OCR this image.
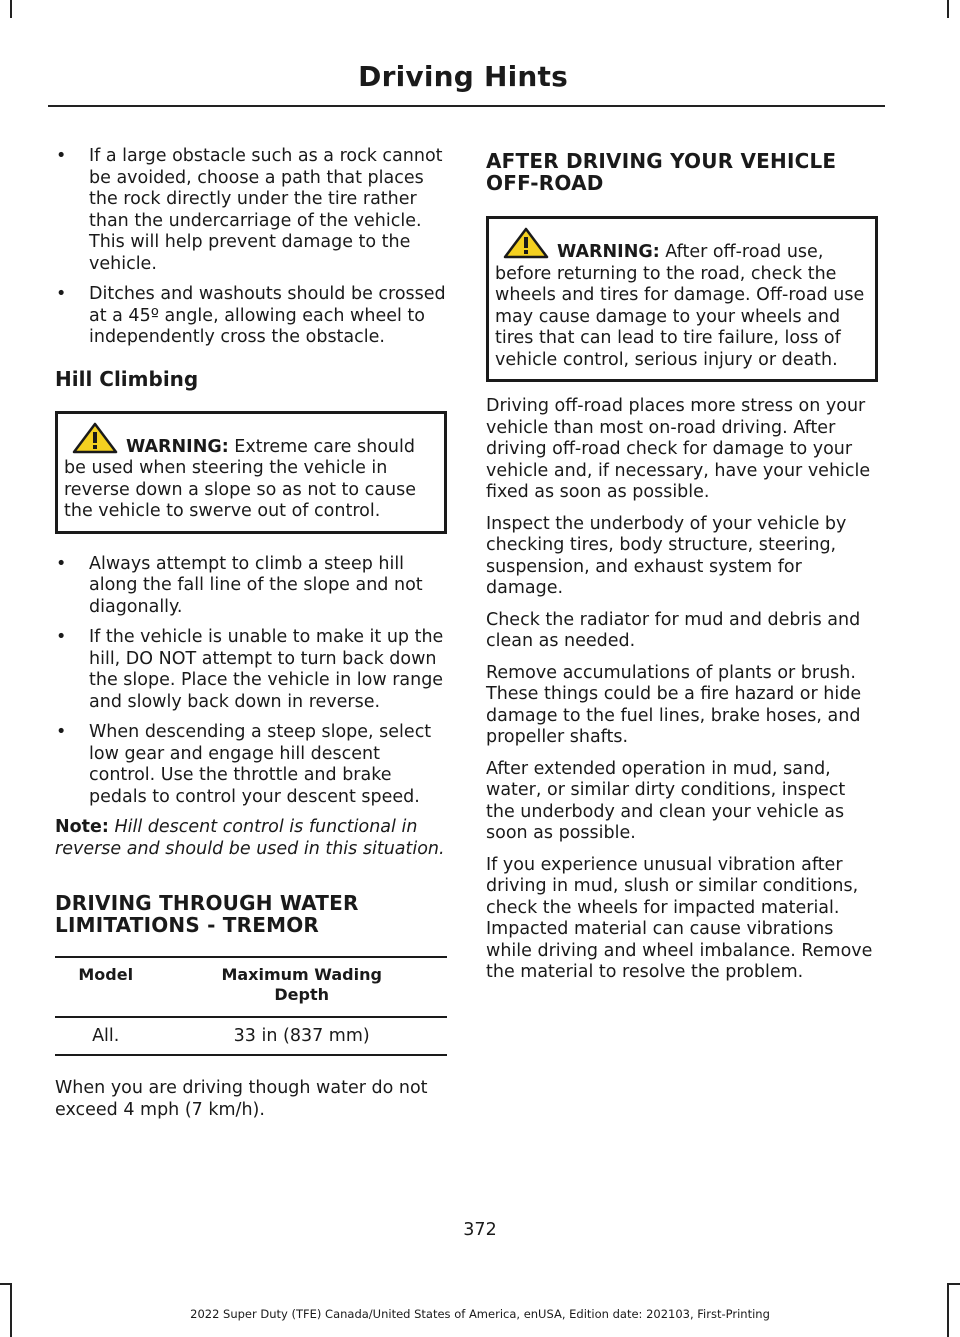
Driving Hints
• If a large obstacle such as a rock cannot be avoided, choose a path that places the rock directly under the tire rather than the undercarriage of the vehicle. This will help prevent damage to the vehicle.
• Ditches and washouts should be crossed at a 45º angle, allowing each wheel to independently cross the obstacle.
Hill Climbing
WARNING: Extreme care should be used when steering the vehicle in reverse down a slope so as not to cause the vehicle to swerve out of control.
• Always attempt to climb a steep hill along the fall line of the slope and not diagonally.
• If the vehicle is unable to make it up the hill, DO NOT attempt to turn back down the slope. Place the vehicle in low range and slowly back down in reverse.
• When descending a steep slope, select low gear and engage hill descent control. Use the throttle and brake pedals to control your descent speed.

Note: Hill descent control is functional in reverse and should be used in this situation.

DRIVING THROUGH WATER
LIMITATIONS - TREMOR
Model	Maximum Wading
Depth
All.	33 in (837 mm)

When you are driving though water do not exceed 4 mph (7 km/h).

AFTER DRIVING YOUR VEHICLE
OFF-ROAD
WARNING: After off-road use, before returning to the road, check the wheels and tires for damage. Off-road use may cause damage to your wheels and tires that can lead to tire failure, loss of vehicle control, serious injury or death.

Driving off-road places more stress on your vehicle than most on-road driving. After driving off-road check for damage to your vehicle and, if necessary, have your vehicle fixed as soon as possible.

Inspect the underbody of your vehicle by checking tires, body structure, steering, suspension, and exhaust system for damage.

Check the radiator for mud and debris and clean as needed.

Remove accumulations of plants or brush. These things could be a fire hazard or hide damage to the fuel lines, brake hoses, and propeller shafts.

After extended operation in mud, sand, water, or similar dirty conditions, inspect the underbody and clean your vehicle as soon as possible.

If you experience unusual vibration after driving in mud, slush or similar conditions, check the wheels for impacted material. Impacted material can cause vibrations while driving and wheel imbalance. Remove the material to resolve the problem.

372
2022 Super Duty (TFE) Canada/United States of America, enUSA, Edition date: 202103, First-Printing
